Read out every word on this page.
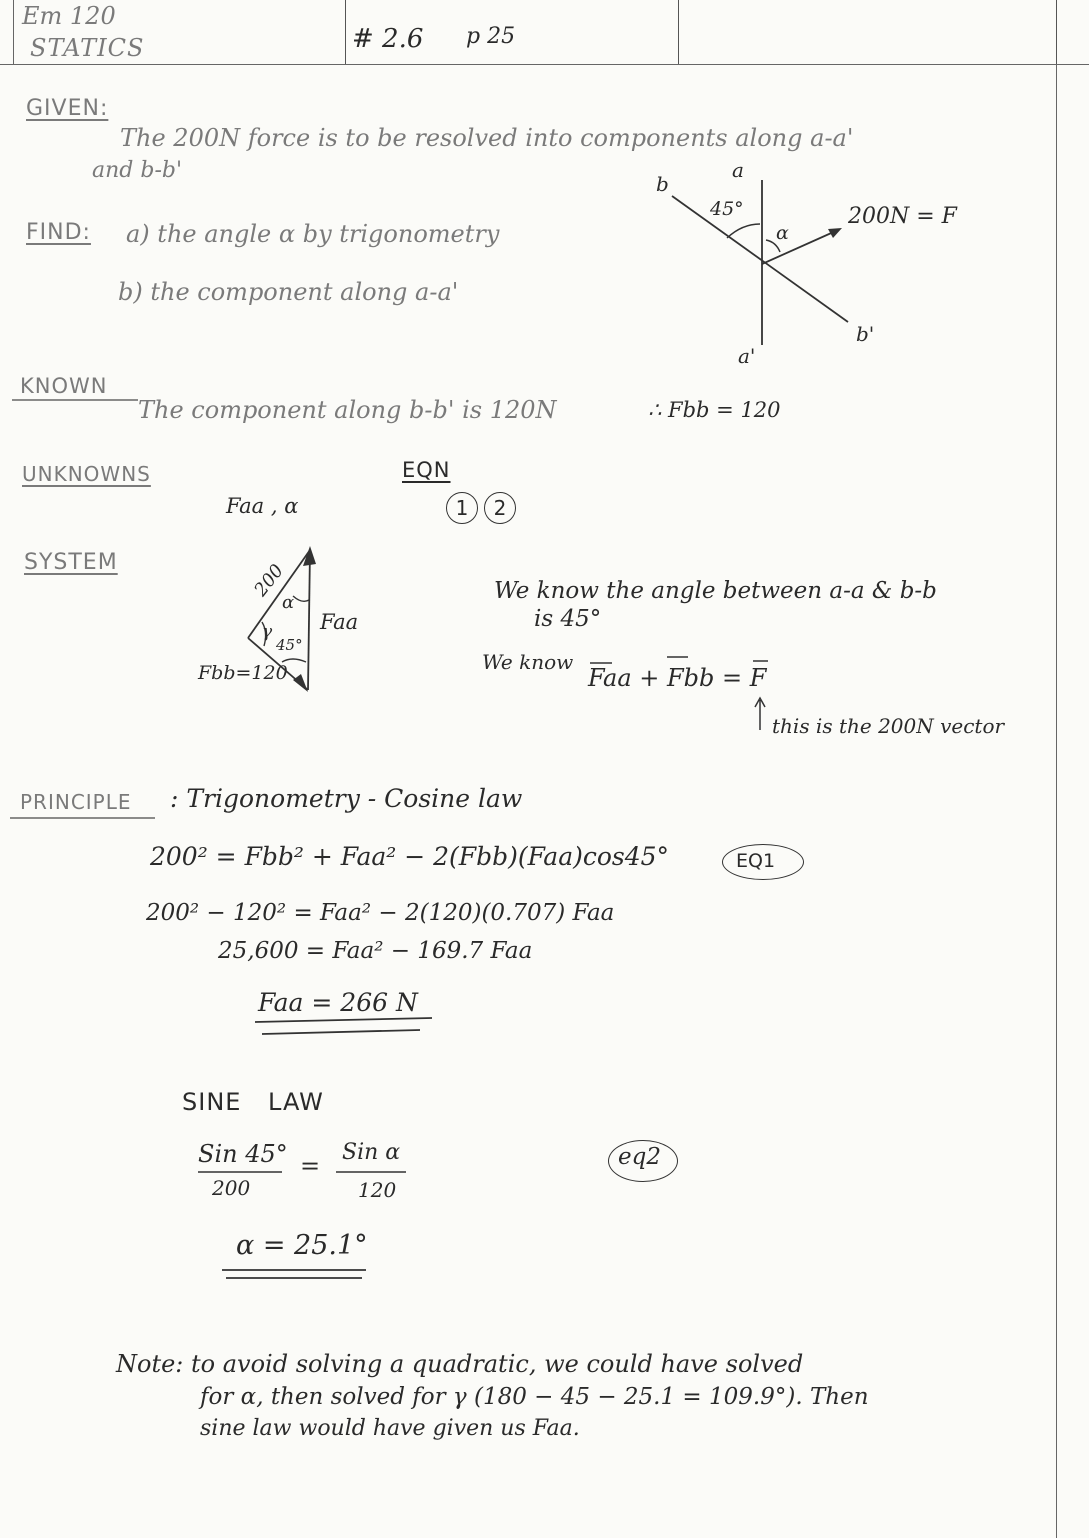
Em 120
STATICS	# 2.6 p 25
GIVEN:
The 200N force is to be resolved into components along a-a'
and b-b'
FIND: a) the angle α by trigonometry
b) the component along a-a'
a
a'
b
b'
45°
α
200N = F
KNOWN
The component along b-b' is 120N	∴ Fbb = 120
UNKNOWNS
Faa , α
EQN
1 2
SYSTEM	200
α
γ
45°
Faa
Fbb=120
We know the angle between a-a & b-b
is 45°
We know
Faa + Fbb = F
this is the 200N vector
PRINCIPLE : Trigonometry - Cosine law
200² = Fbb² + Faa² − 2(Fbb)(Faa)cos45°	EQ1
200² − 120² = Faa² − 2(120)(0.707) Faa
25,600 = Faa² − 169.7 Faa
Faa = 266 N
SINE LAW
Sin 45°
200
= Sin α
120
eq2
α = 25.1°
Note: to avoid solving a quadratic, we could have solved
for α, then solved for γ (180 − 45 − 25.1 = 109.9°). Then
sine law would have given us Faa.
